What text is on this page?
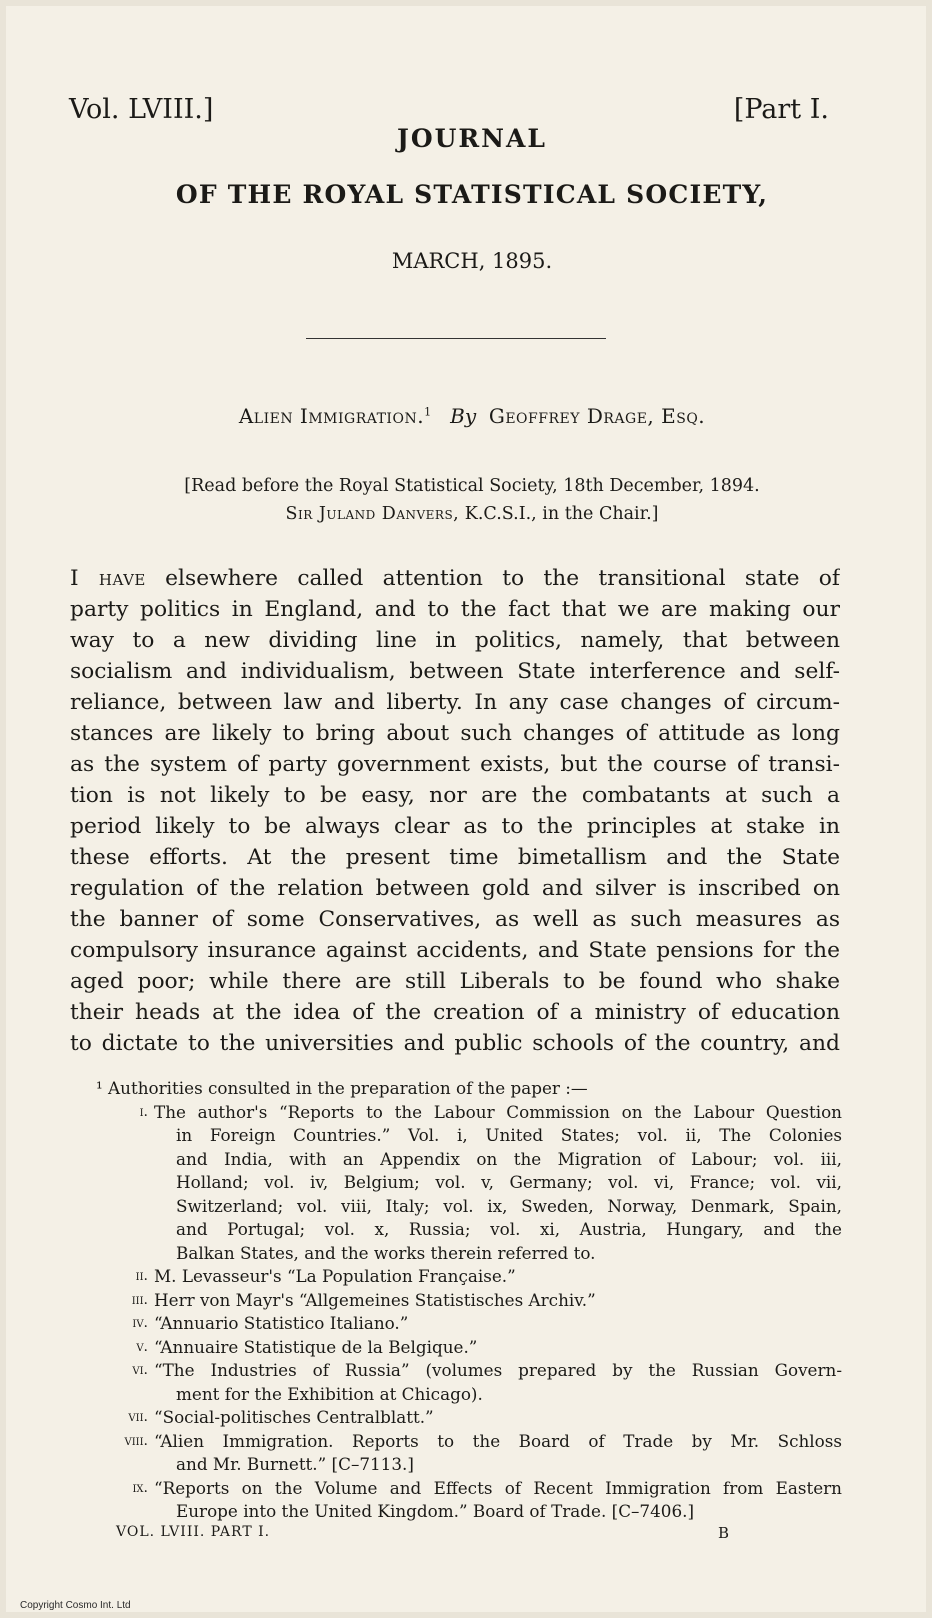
Vol. LVIII.]	[Part I.
JOURNAL
OF THE ROYAL STATISTICAL SOCIETY,
MARCH, 1895.
Alien Immigration.$^1$ By Geoffrey Drage, Esq.
[Read before the Royal Statistical Society, 18th December, 1894.
Sir Juland Danvers, K.C.S.I., in the Chair.]
I have elsewhere called attention to the transitional state of
party politics in England, and to the fact that we are making our
way to a new dividing line in politics, namely, that between
socialism and individualism, between State interference and self-
reliance, between law and liberty. In any case changes of circum-
stances are likely to bring about such changes of attitude as long
as the system of party government exists, but the course of transi-
tion is not likely to be easy, nor are the combatants at such a
period likely to be always clear as to the principles at stake in
these efforts. At the present time bimetallism and the State
regulation of the relation between gold and silver is inscribed on
the banner of some Conservatives, as well as such measures as
compulsory insurance against accidents, and State pensions for the
aged poor; while there are still Liberals to be found who shake
their heads at the idea of the creation of a ministry of education
to dictate to the universities and public schools of the country, and
¹ Authorities consulted in the preparation of the paper :—
i. The author's “Reports to the Labour Commission on the Labour Question
in Foreign Countries.” Vol. i, United States; vol. ii, The Colonies
and India, with an Appendix on the Migration of Labour; vol. iii,
Holland; vol. iv, Belgium; vol. v, Germany; vol. vi, France; vol. vii,
Switzerland; vol. viii, Italy; vol. ix, Sweden, Norway, Denmark, Spain,
and Portugal; vol. x, Russia; vol. xi, Austria, Hungary, and the
Balkan States, and the works therein referred to.
ii. M. Levasseur's “La Population Française.”
iii. Herr von Mayr's “Allgemeines Statistisches Archiv.”
iv. “Annuario Statistico Italiano.”
v. “Annuaire Statistique de la Belgique.”
vi. “The Industries of Russia” (volumes prepared by the Russian Govern-
ment for the Exhibition at Chicago).
vii. “Social-politisches Centralblatt.”
viii. “Alien Immigration. Reports to the Board of Trade by Mr. Schloss
and Mr. Burnett.” [C–7113.]
ix. “Reports on the Volume and Effects of Recent Immigration from Eastern
Europe into the United Kingdom.” Board of Trade. [C–7406.]
VOL. LVIII. PART I.	B
Copyright Cosmo Int. Ltd
